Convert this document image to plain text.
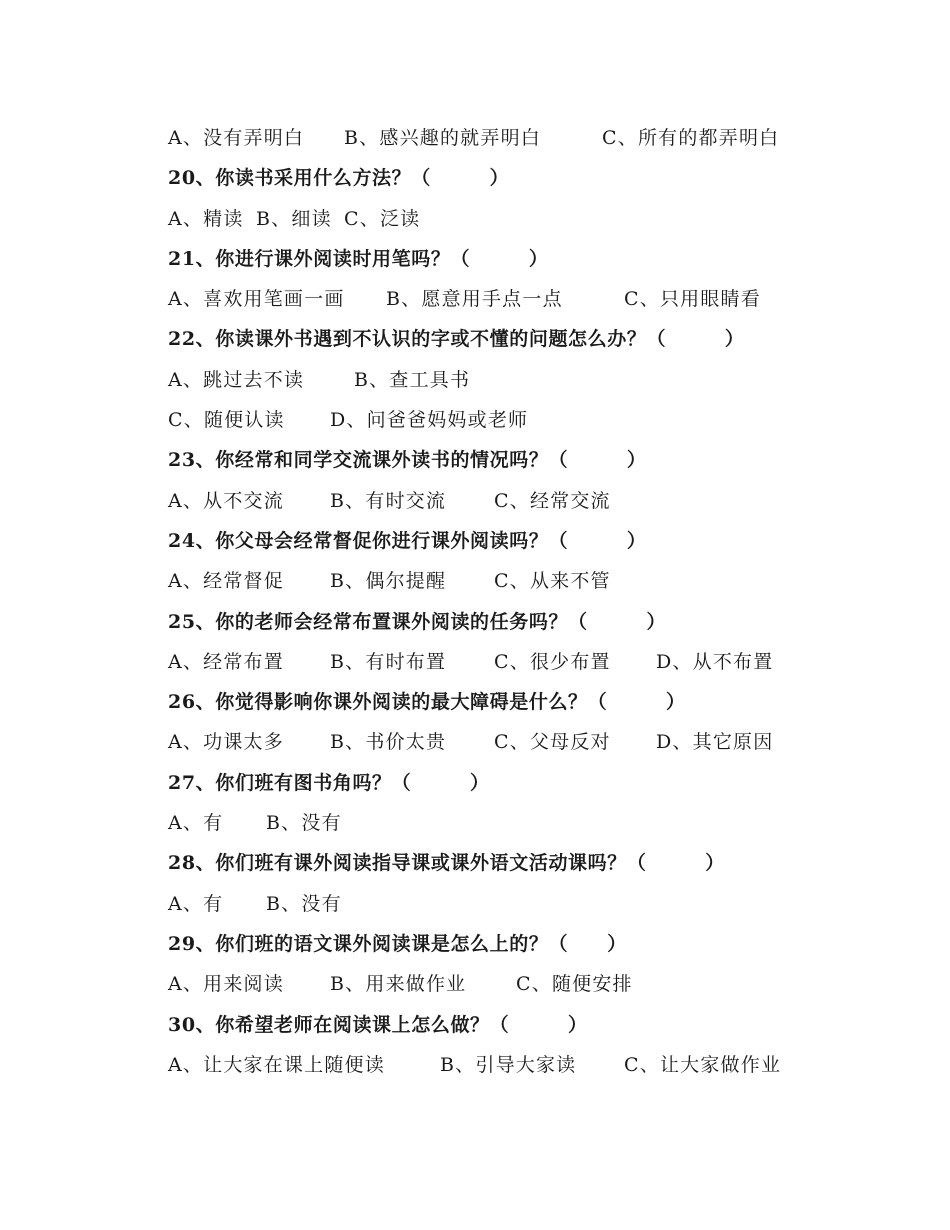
A、没有弄明白 B、感兴趣的就弄明白	C、所有的都弄明白
20、你读书采用什么方法？（　　　）
A、精读 B、细读 C、泛读
21、你进行课外阅读时用笔吗？（　　　）
A、喜欢用笔画一画 B、愿意用手点一点	C、只用眼睛看
22、你读课外书遇到不认识的字或不懂的问题怎么办？（　　　）
A、跳过去不读	B、查工具书
C、随便认读 D、问爸爸妈妈或老师
23、你经常和同学交流课外读书的情况吗？（　　　）
A、从不交流 B、有时交流	C、经常交流
24、你父母会经常督促你进行课外阅读吗？（　　　）
A、经常督促 B、偶尔提醒	C、从来不管
25、你的老师会经常布置课外阅读的任务吗？（　　　）
A、经常布置 B、有时布置	C、很少布置 D、从不布置
26、你觉得影响你课外阅读的最大障碍是什么？（　　　）
A、功课太多 B、书价太贵	C、父母反对 D、其它原因
27、你们班有图书角吗？（　　　）
A、有 B、没有
28、你们班有课外阅读指导课或课外语文活动课吗？（　　　）
A、有 B、没有
29、你们班的语文课外阅读课是怎么上的？（　　）
A、用来阅读 B、用来做作业	C、随便安排
30、你希望老师在阅读课上怎么做？（　　　）
A、让大家在课上随便读	B、引导大家读	C、让大家做作业
